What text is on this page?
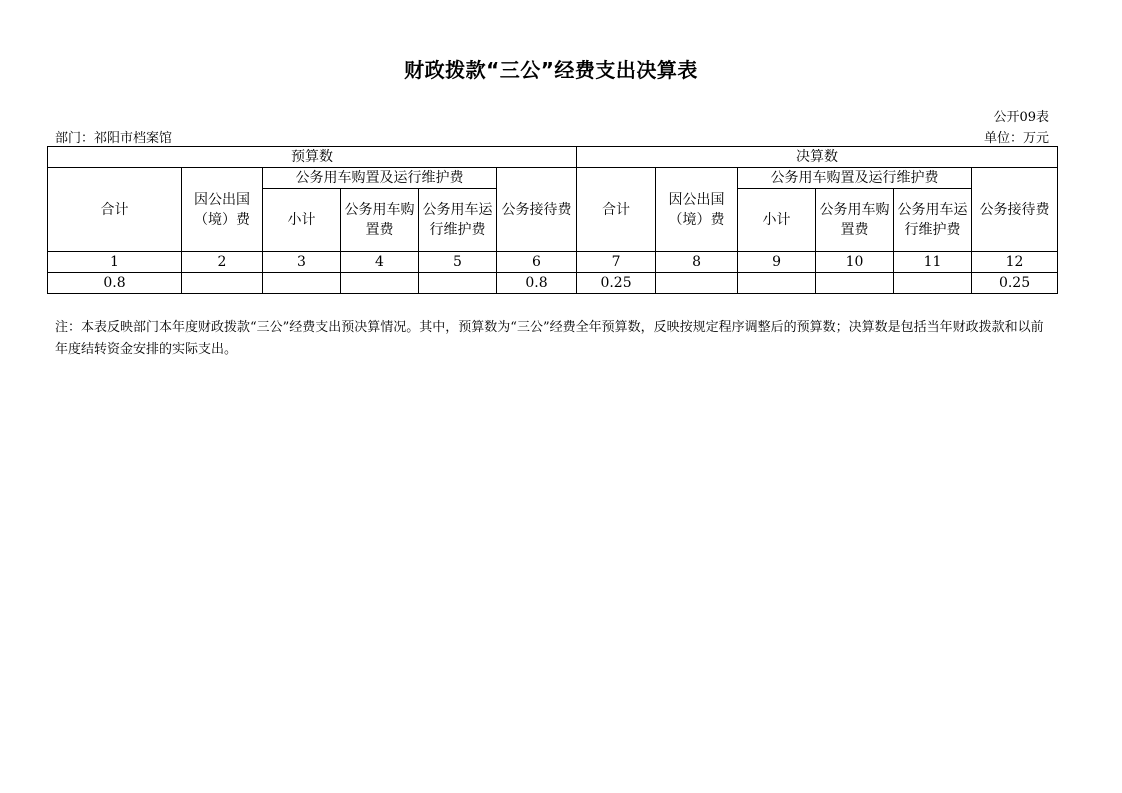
财政拨款“三公”经费支出决算表
公开09表
部门：祁阳市档案馆	单位：万元
预算数						决算数					
合计	因公出国（境）费	公务用车购置及运行维护费			公务接待费	合计	因公出国（境）费	公务用车购置及运行维护费			公务接待费
		小计	公务用车购置费	公务用车运行维护费				小计	公务用车购置费	公务用车运行维护费	
1	2	3	4	5	6	7	8	9	10	11	12
0.8					0.8	0.25					0.25
注：本表反映部门本年度财政拨款“三公”经费支出预决算情况。其中，预算数为“三公”经费全年预算数，反映按规定程序调整后的预算数；决算数是包括当年财政拨款和以前年度结转资金安排的实际支出。
